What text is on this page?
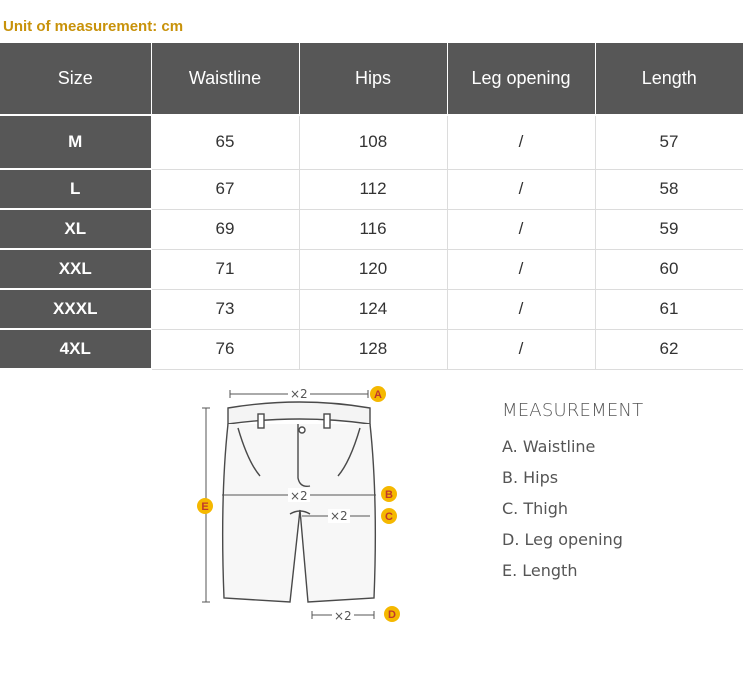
Unit of measurement: cm
Size	Waistline	Hips	Leg opening	Length
M	65	108	/	57
L	67	112	/	58
XL	69	116	/	59
XXL	71	120	/	60
XXXL	73	124	/	61
4XL	76	128	/	62
×2
×2
×2
×2
A
B
C
D
E
MEASUREMENT
A. Waistline
B. Hips
C. Thigh
D. Leg opening
E. Length
